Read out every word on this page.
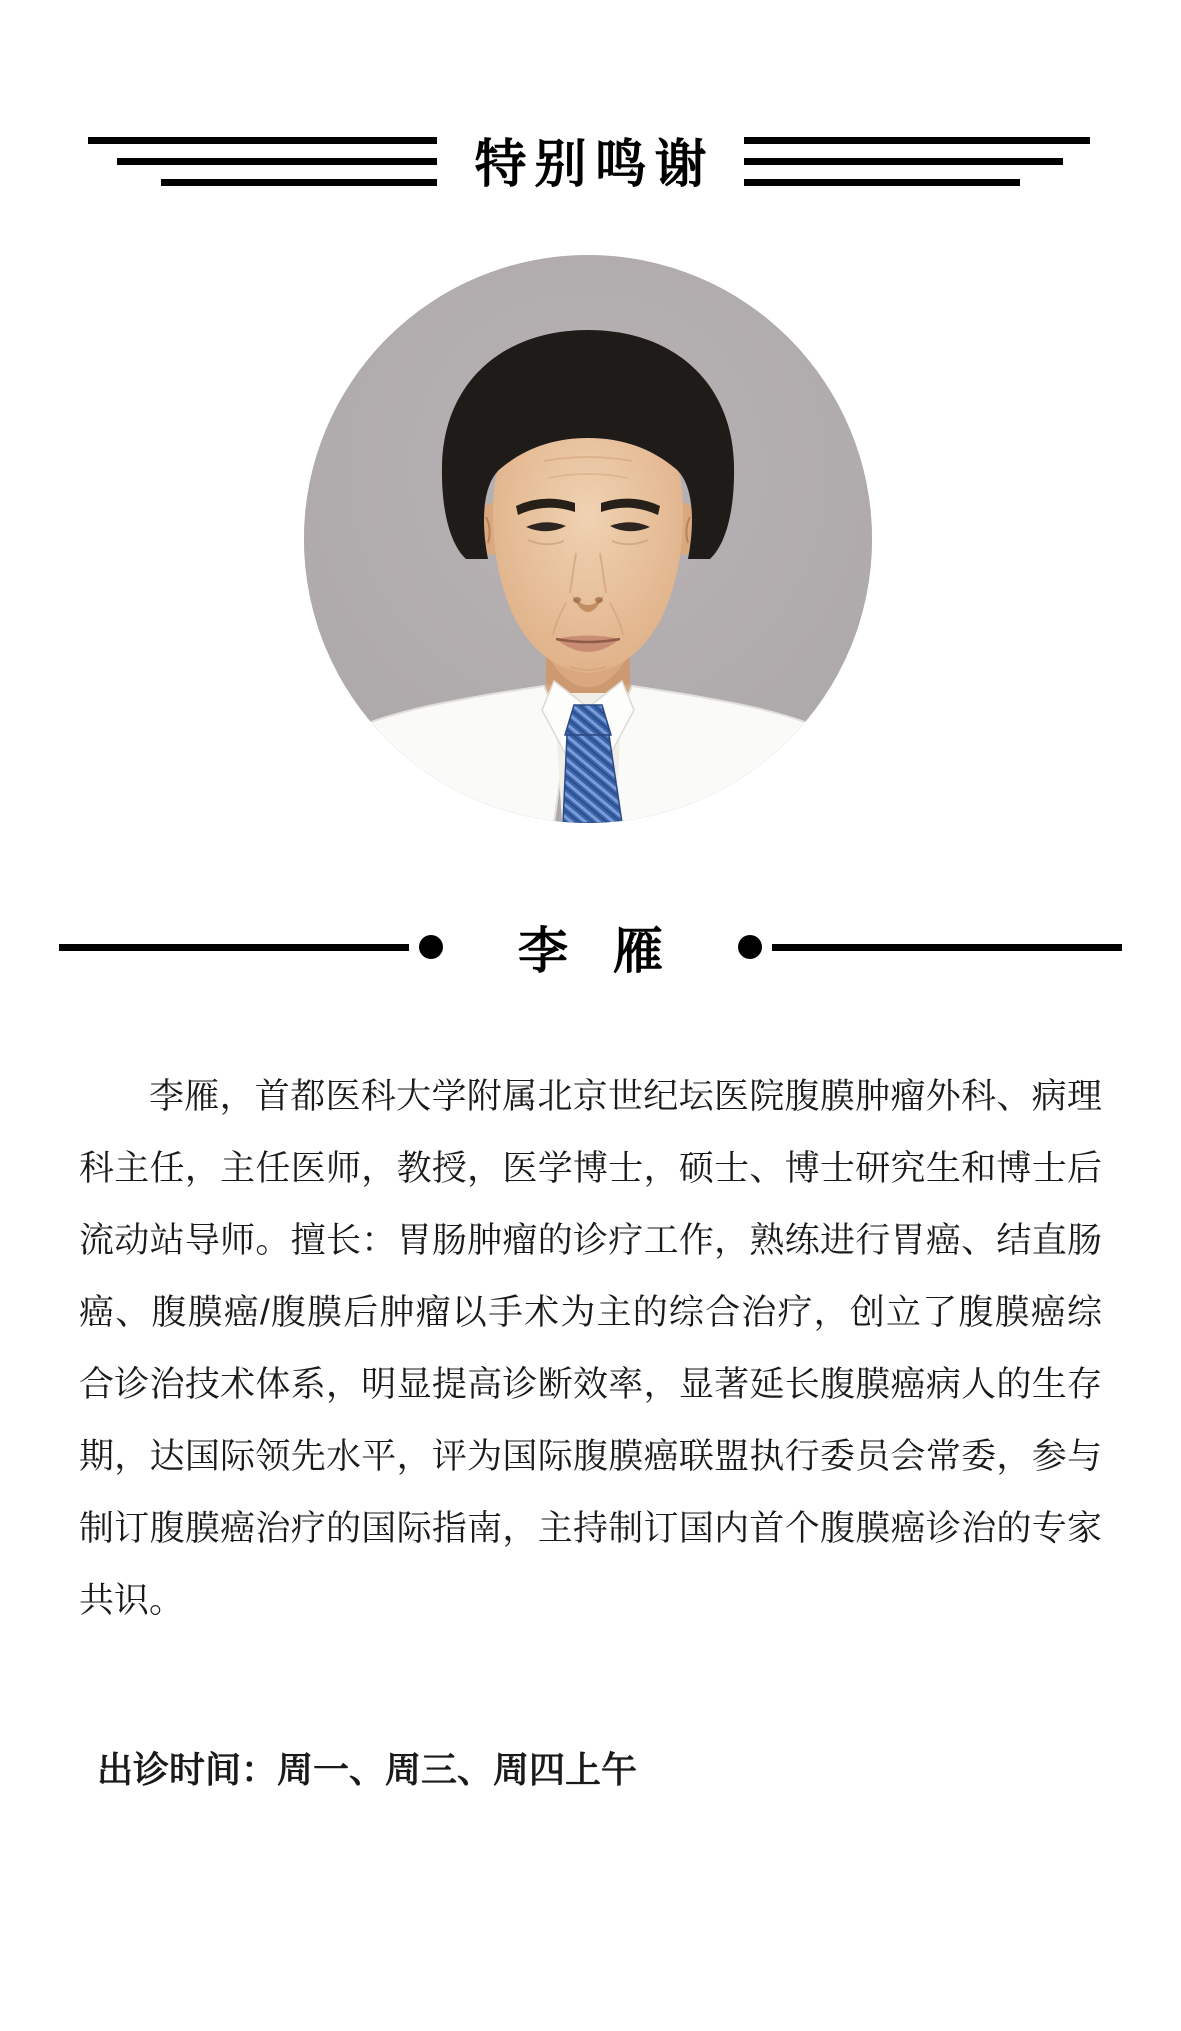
特别鸣谢
李雁
李雁，首都医科大学附属北京世纪坛医院腹膜肿瘤外科、病理
科主任，主任医师，教授，医学博士，硕士、博士研究生和博士后
流动站导师。擅长：胃肠肿瘤的诊疗工作，熟练进行胃癌、结直肠
癌、腹膜癌/腹膜后肿瘤以手术为主的综合治疗，创立了腹膜癌综
合诊治技术体系，明显提高诊断效率，显著延长腹膜癌病人的生存
期，达国际领先水平，评为国际腹膜癌联盟执行委员会常委，参与
制订腹膜癌治疗的国际指南，主持制订国内首个腹膜癌诊治的专家
共识。

出诊时间：周一、周三、周四上午
